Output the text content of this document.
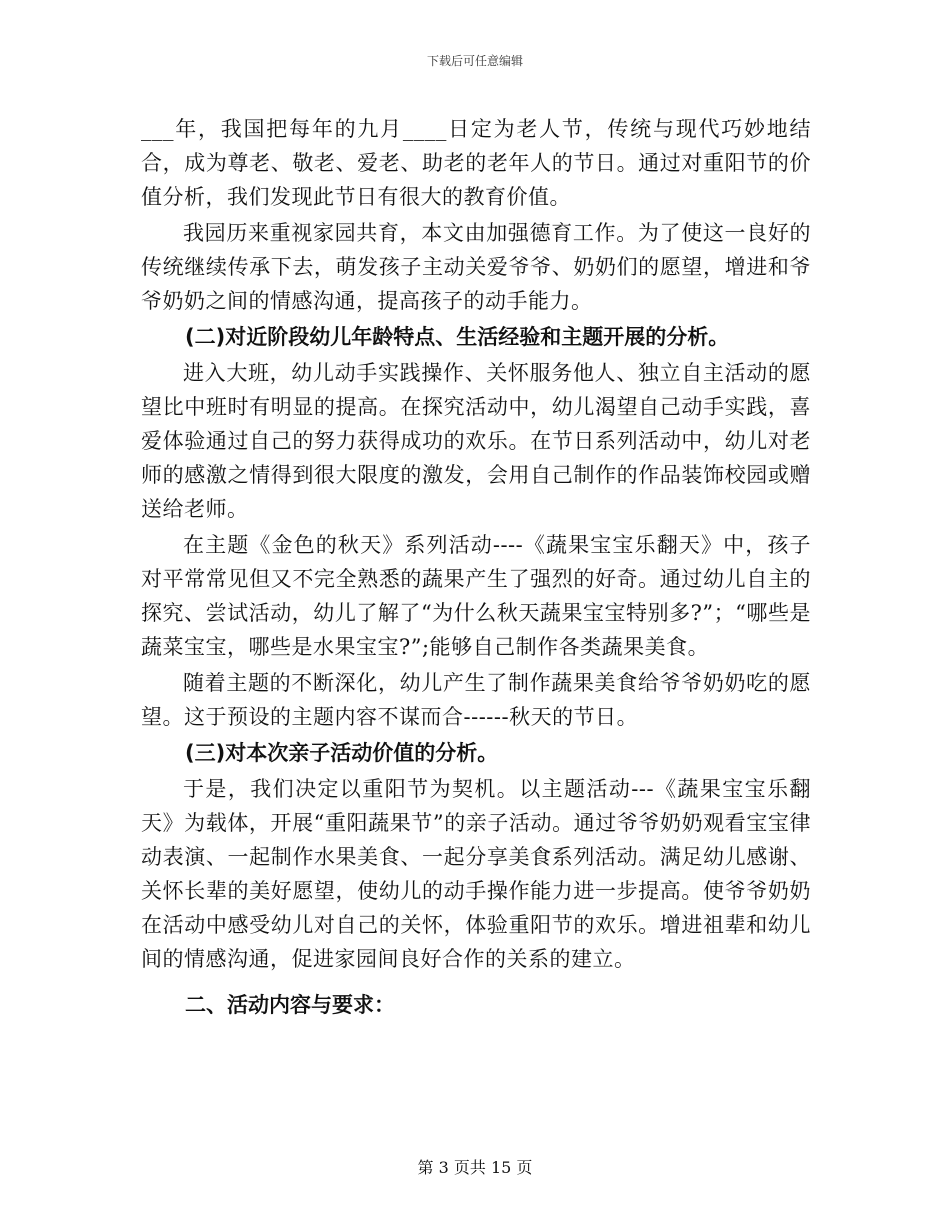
下载后可任意编辑

___年，我国把每年的九月____日定为老人节，传统与现代巧妙地结合，成为尊老、敬老、爱老、助老的老年人的节日。通过对重阳节的价值分析，我们发现此节日有很大的教育价值。

我园历来重视家园共育，本文由加强德育工作。为了使这一良好的传统继续传承下去，萌发孩子主动关爱爷爷、奶奶们的愿望，增进和爷爷奶奶之间的情感沟通，提高孩子的动手能力。

(二)对近阶段幼儿年龄特点、生活经验和主题开展的分析。

进入大班，幼儿动手实践操作、关怀服务他人、独立自主活动的愿望比中班时有明显的提高。在探究活动中，幼儿渴望自己动手实践，喜爱体验通过自己的努力获得成功的欢乐。在节日系列活动中，幼儿对老师的感激之情得到很大限度的激发，会用自己制作的作品装饰校园或赠送给老师。

在主题《金色的秋天》系列活动----《蔬果宝宝乐翻天》中，孩子对平常常见但又不完全熟悉的蔬果产生了强烈的好奇。通过幼儿自主的探究、尝试活动，幼儿了解了“为什么秋天蔬果宝宝特别多?”；“哪些是蔬菜宝宝，哪些是水果宝宝?”;能够自己制作各类蔬果美食。

随着主题的不断深化，幼儿产生了制作蔬果美食给爷爷奶奶吃的愿望。这于预设的主题内容不谋而合------秋天的节日。

(三)对本次亲子活动价值的分析。

于是，我们决定以重阳节为契机。以主题活动---《蔬果宝宝乐翻天》为载体，开展“重阳蔬果节”的亲子活动。通过爷爷奶奶观看宝宝律动表演、一起制作水果美食、一起分享美食系列活动。满足幼儿感谢、关怀长辈的美好愿望，使幼儿的动手操作能力进一步提高。使爷爷奶奶在活动中感受幼儿对自己的关怀，体验重阳节的欢乐。增进祖辈和幼儿间的情感沟通，促进家园间良好合作的关系的建立。

二、活动内容与要求：
第 3 页共 15 页
